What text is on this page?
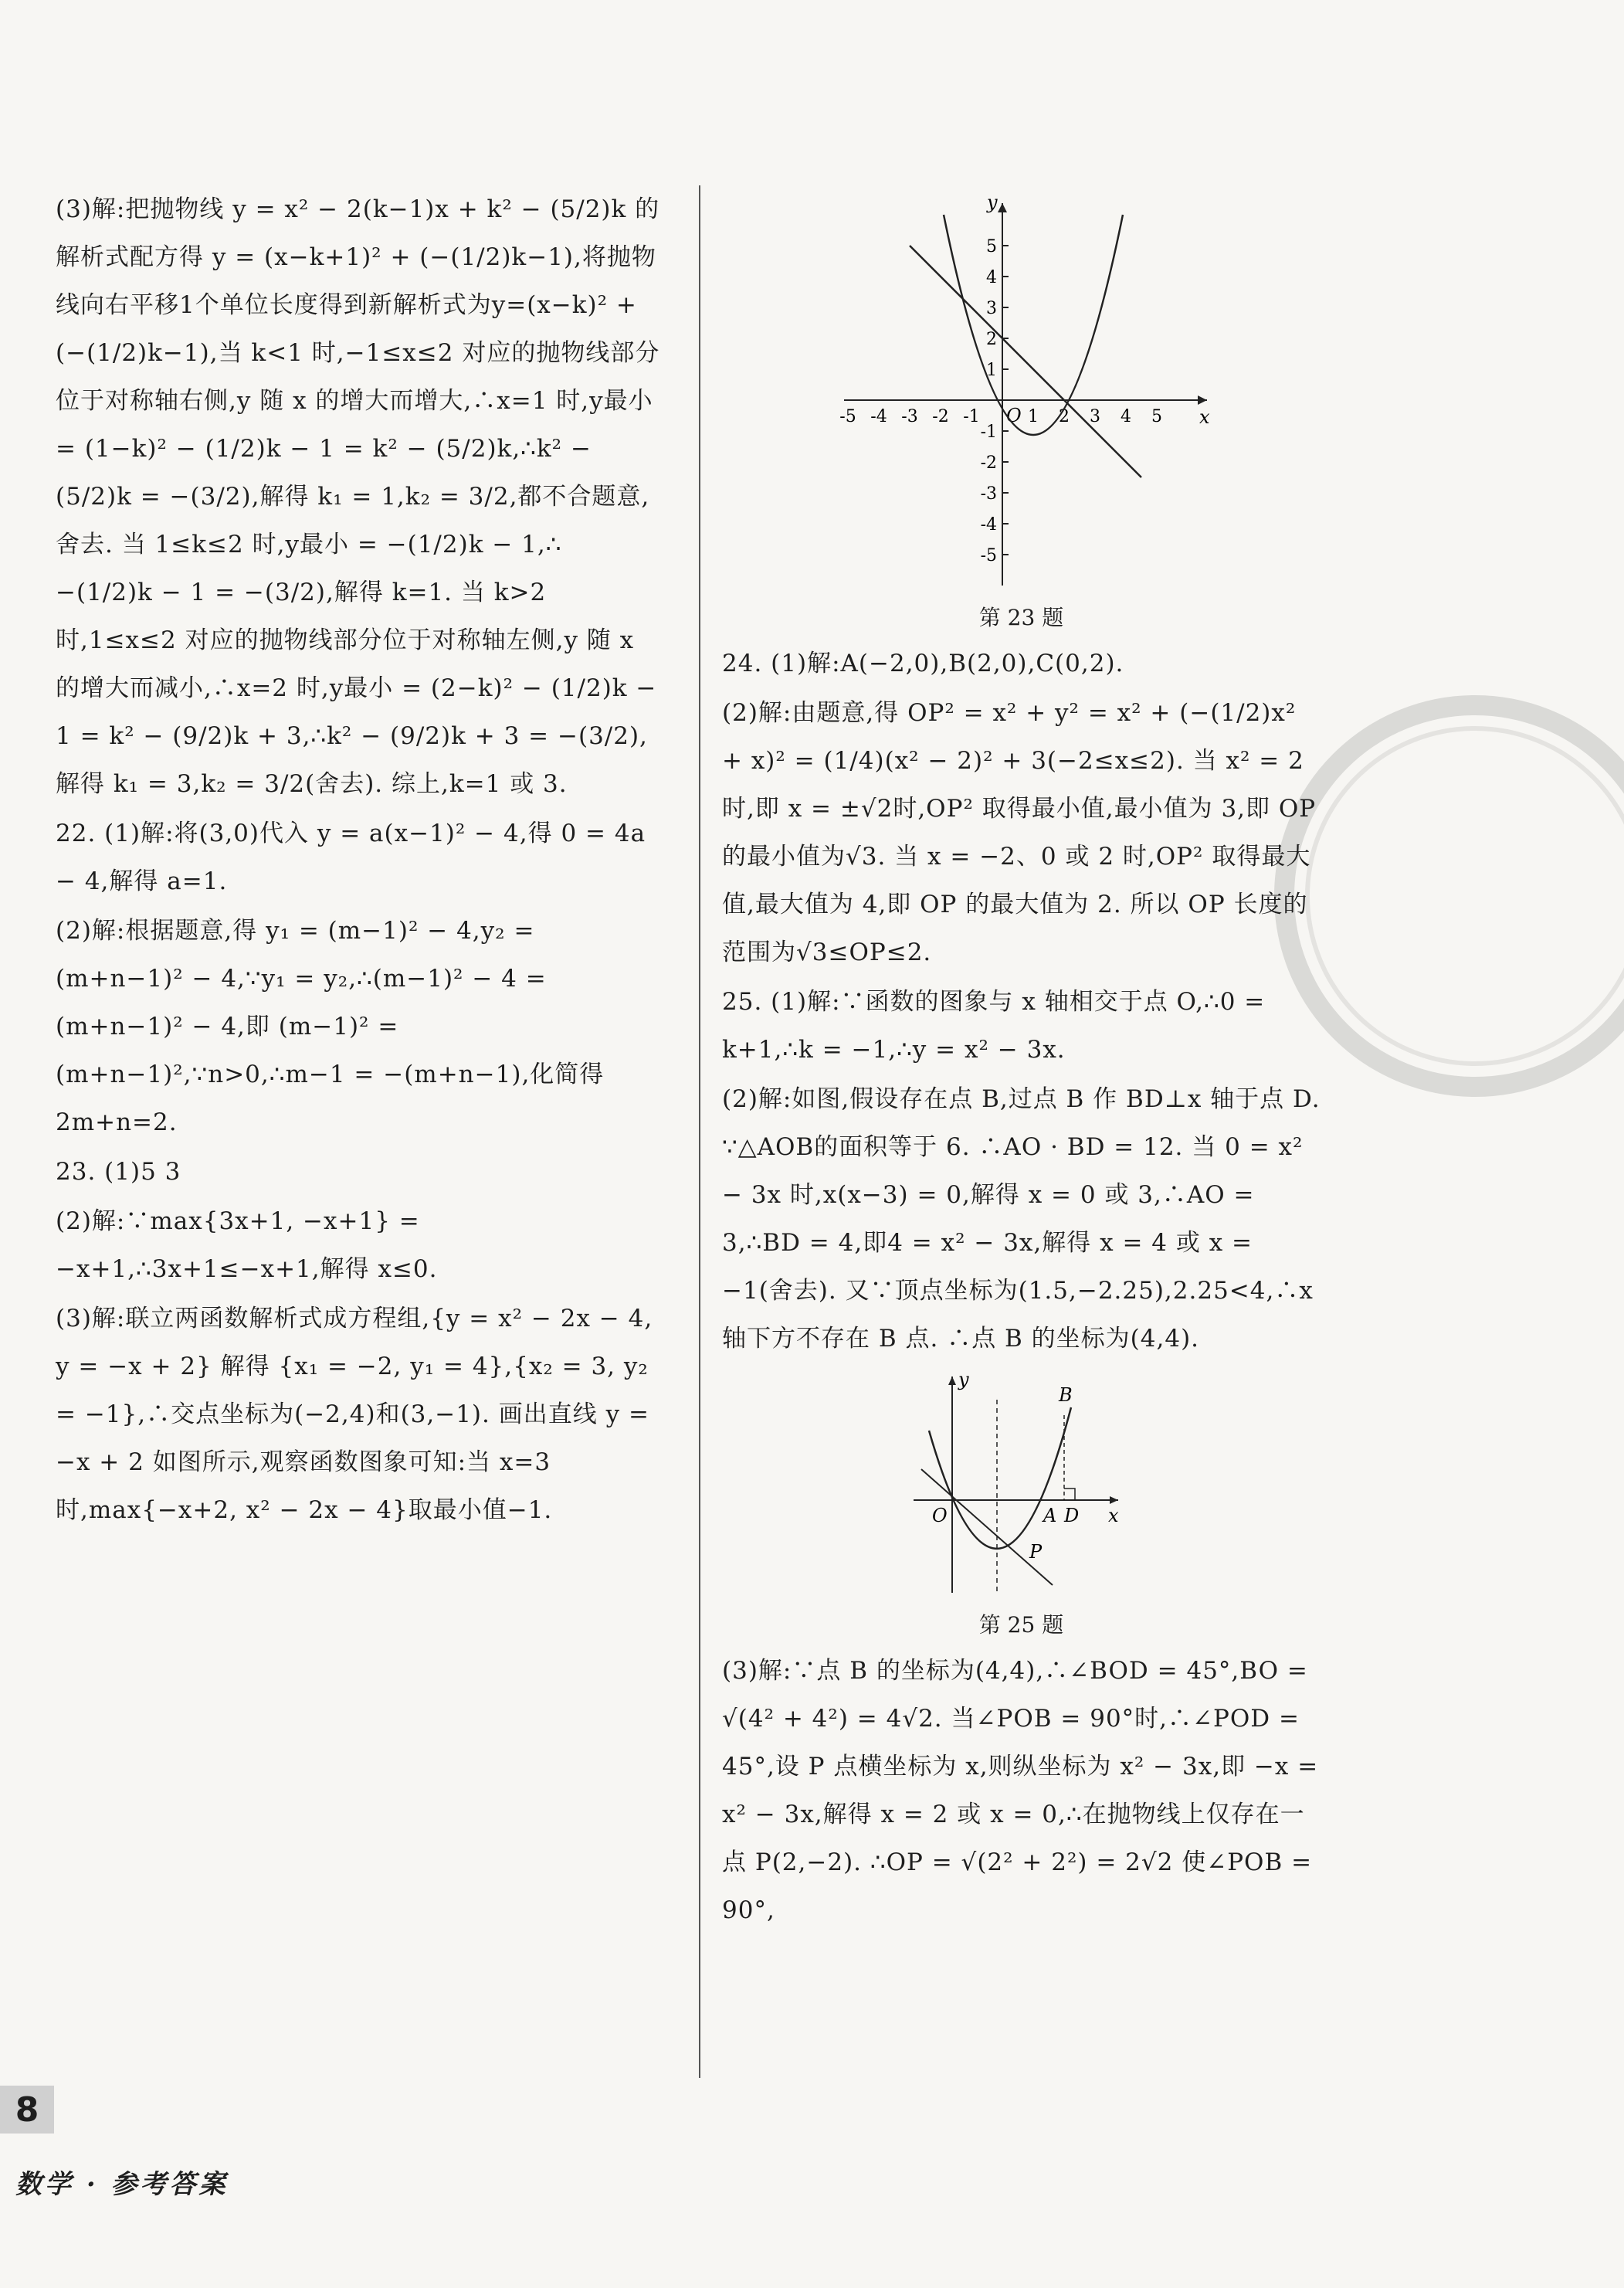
(3)解:把抛物线 y = x² − 2(k−1)x + k² − (5/2)k 的解析式配方得 y = (x−k+1)² + (−(1/2)k−1),将抛物线向右平移1个单位长度得到新解析式为y=(x−k)² + (−(1/2)k−1),当 k<1 时,−1≤x≤2 对应的抛物线部分位于对称轴右侧,y 随 x 的增大而增大,∴x=1 时,y最小 = (1−k)² − (1/2)k − 1 = k² − (5/2)k,∴k² − (5/2)k = −(3/2),解得 k₁ = 1,k₂ = 3/2,都不合题意,舍去. 当 1≤k≤2 时,y最小 = −(1/2)k − 1,∴ −(1/2)k − 1 = −(3/2),解得 k=1. 当 k>2 时,1≤x≤2 对应的抛物线部分位于对称轴左侧,y 随 x 的增大而减小,∴x=2 时,y最小 = (2−k)² − (1/2)k − 1 = k² − (9/2)k + 3,∴k² − (9/2)k + 3 = −(3/2),解得 k₁ = 3,k₂ = 3/2(舍去). 综上,k=1 或 3.

22. (1)解:将(3,0)代入 y = a(x−1)² − 4,得 0 = 4a − 4,解得 a=1.

(2)解:根据题意,得 y₁ = (m−1)² − 4,y₂ = (m+n−1)² − 4,∵y₁ = y₂,∴(m−1)² − 4 = (m+n−1)² − 4,即 (m−1)² = (m+n−1)²,∵n>0,∴m−1 = −(m+n−1),化简得 2m+n=2.

23. (1)5 3

(2)解:∵max{3x+1, −x+1} = −x+1,∴3x+1≤−x+1,解得 x≤0.

(3)解:联立两函数解析式成方程组,{y = x² − 2x − 4, y = −x + 2} 解得 {x₁ = −2, y₁ = 4},{x₂ = 3, y₂ = −1},∴交点坐标为(−2,4)和(3,−1). 画出直线 y = −x + 2 如图所示,观察函数图象可知:当 x=3 时,max{−x+2, x² − 2x − 4}取最小值−1.

x
y
O
-5 -4 -3 -2 -1	1 2 3 4 5
5
4
3
2
1
-1
-2
-3
-4
-5
第 23 题

24. (1)解:A(−2,0),B(2,0),C(0,2).

(2)解:由题意,得 OP² = x² + y² = x² + (−(1/2)x² + x)² = (1/4)(x² − 2)² + 3(−2≤x≤2). 当 x² = 2 时,即 x = ±√2时,OP² 取得最小值,最小值为 3,即 OP 的最小值为√3. 当 x = −2、0 或 2 时,OP² 取得最大值,最大值为 4,即 OP 的最大值为 2. 所以 OP 长度的范围为√3≤OP≤2.

25. (1)解:∵函数的图象与 x 轴相交于点 O,∴0 = k+1,∴k = −1,∴y = x² − 3x.

(2)解:如图,假设存在点 B,过点 B 作 BD⊥x 轴于点 D. ∵△AOB的面积等于 6. ∴AO · BD = 12. 当 0 = x² − 3x 时,x(x−3) = 0,解得 x = 0 或 3,∴AO = 3,∴BD = 4,即4 = x² − 3x,解得 x = 4 或 x = −1(舍去). 又∵顶点坐标为(1.5,−2.25),2.25<4,∴x 轴下方不存在 B 点. ∴点 B 的坐标为(4,4).

y
x
O	A D
B
P
第 25 题

(3)解:∵点 B 的坐标为(4,4),∴∠BOD = 45°,BO = √(4² + 4²) = 4√2. 当∠POB = 90°时,∴∠POD = 45°,设 P 点横坐标为 x,则纵坐标为 x² − 3x,即 −x = x² − 3x,解得 x = 2 或 x = 0,∴在抛物线上仅存在一点 P(2,−2). ∴OP = √(2² + 2²) = 2√2 使∠POB = 90°,

8
数学 · 参考答案
